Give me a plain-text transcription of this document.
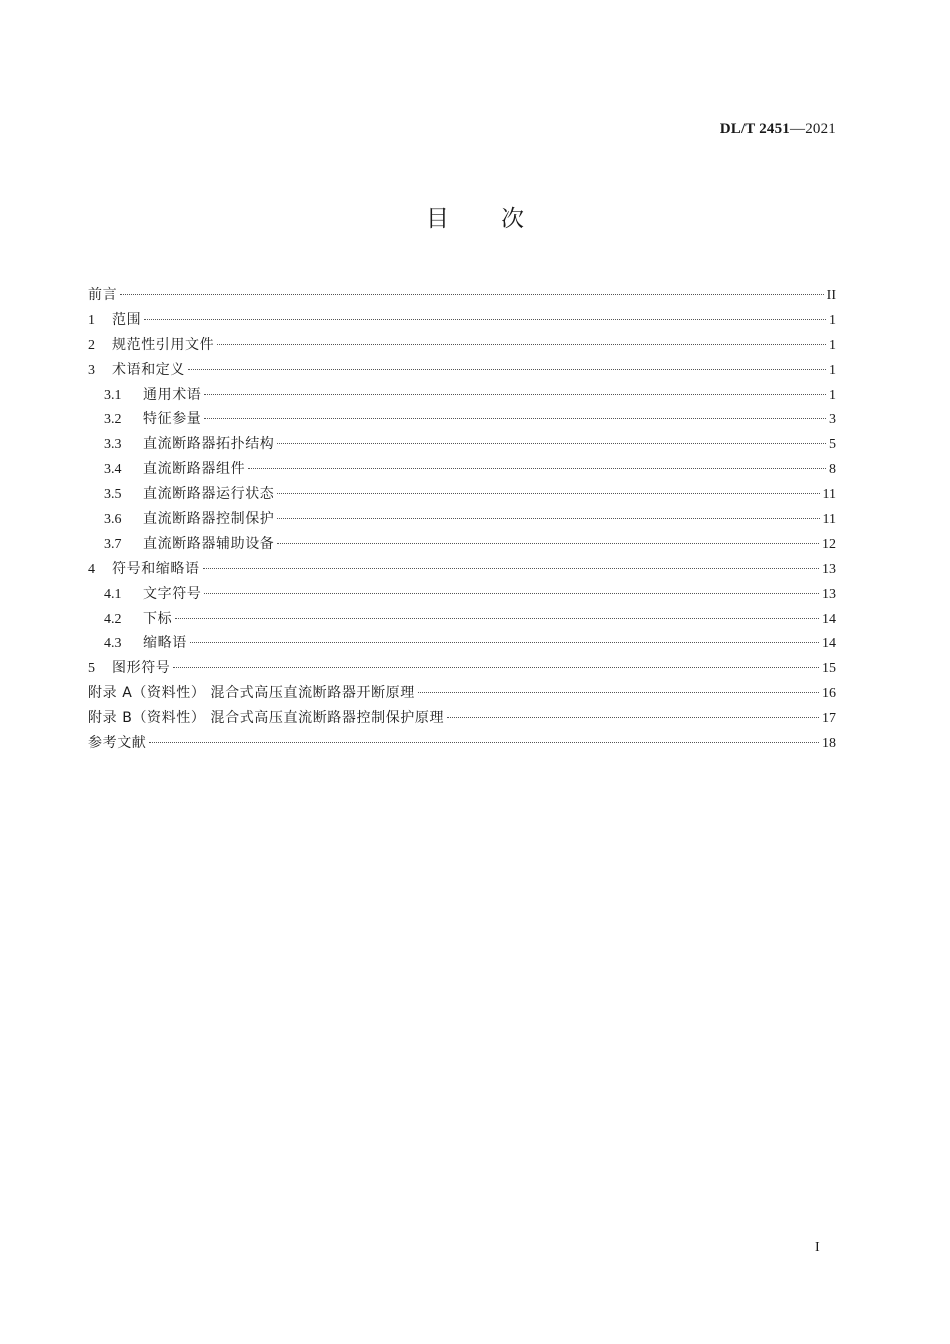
DL/T 2451—2021
目次
前言	II
1	范围	1
2	规范性引用文件	1
3	术语和定义	1
3.1	通用术语	1
3.2	特征参量	3
3.3	直流断路器拓扑结构	5
3.4	直流断路器组件	8
3.5	直流断路器运行状态	11
3.6	直流断路器控制保护	11
3.7	直流断路器辅助设备	12
4	符号和缩略语	13
4.1	文字符号	13
4.2	下标	14
4.3	缩略语	14
5	图形符号	15
附录 A（资料性） 混合式高压直流断路器开断原理	16
附录 B（资料性） 混合式高压直流断路器控制保护原理	17
参考文献	18
I
